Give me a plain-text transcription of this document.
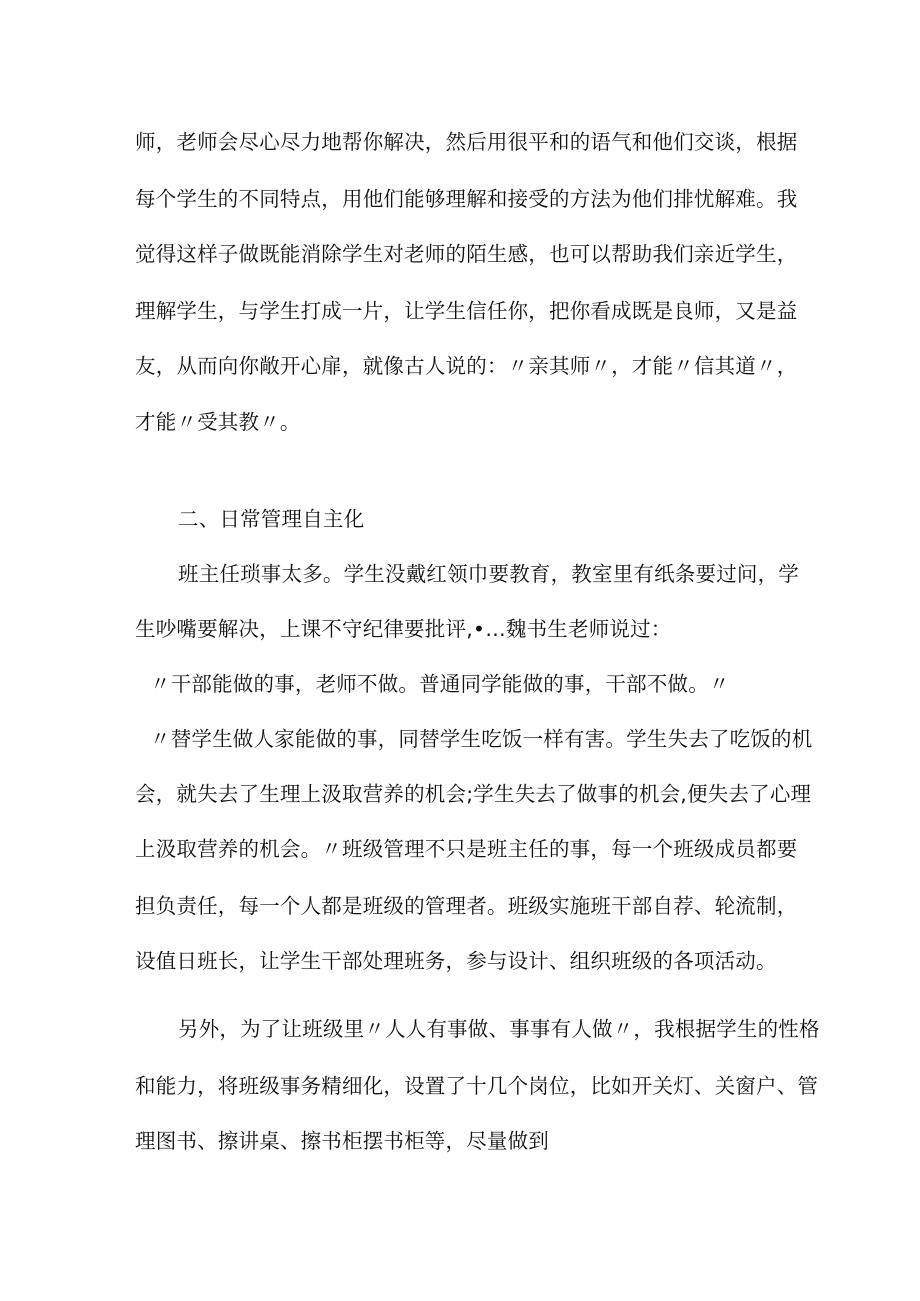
师，老师会尽心尽力地帮你解决，然后用很平和的语气和他们交谈，根据
每个学生的不同特点，用他们能够理解和接受的方法为他们排忧解难。我
觉得这样子做既能消除学生对老师的陌生感，也可以帮助我们亲近学生，
理解学生，与学生打成一片，让学生信任你，把你看成既是良师，又是益
友，从而向你敞开心扉，就像古人说的：〃亲其师〃，才能〃信其道〃，
才能〃受其教〃。
二、日常管理自主化
班主任琐事太多。学生没戴红领巾要教育，教室里有纸条要过问，学
生吵嘴要解决，上课不守纪律要批评,•…魏书生老师说过：
〃干部能做的事，老师不做。普通同学能做的事，干部不做。〃
〃替学生做人家能做的事，同替学生吃饭一样有害。学生失去了吃饭的机
会，就失去了生理上汲取营养的机会;学生失去了做事的机会,便失去了心理
上汲取营养的机会。〃班级管理不只是班主任的事，每一个班级成员都要
担负责任，每一个人都是班级的管理者。班级实施班干部自荐、轮流制，
设值日班长，让学生干部处理班务，参与设计、组织班级的各项活动。
另外，为了让班级里〃人人有事做、事事有人做〃，我根据学生的性格
和能力，将班级事务精细化，设置了十几个岗位，比如开关灯、关窗户、管
理图书、擦讲桌、擦书柜摆书柜等，尽量做到
